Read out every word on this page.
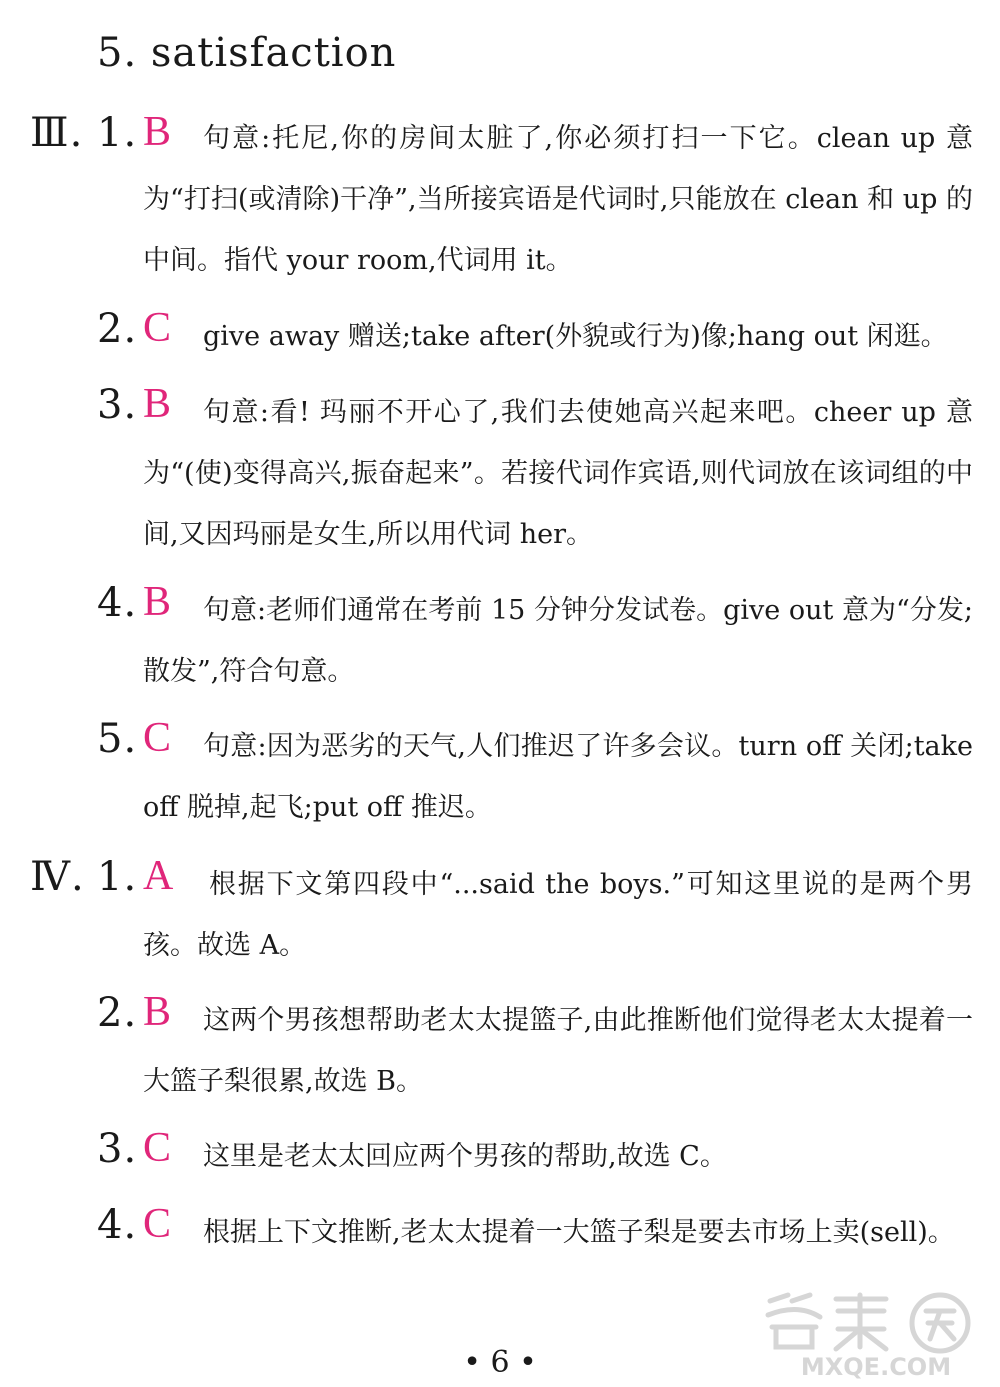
5. satisfaction
Ⅲ. 1. B	句意:托尼,你的房间太脏了,你必须打扫一下它。clean up 意为“打扫(或清除)干净”,当所接宾语是代词时,只能放在 clean 和 up 的中间。指代 your room,代词用 it。
2. C	give away 赠送;take after(外貌或行为)像;hang out 闲逛。
3. B	句意:看! 玛丽不开心了,我们去使她高兴起来吧。cheer up 意为“(使)变得高兴,振奋起来”。若接代词作宾语,则代词放在该词组的中间,又因玛丽是女生,所以用代词 her。
4. B	句意:老师们通常在考前 15 分钟分发试卷。give out 意为“分发;散发”,符合句意。
5. C	句意:因为恶劣的天气,人们推迟了许多会议。turn off 关闭;take off 脱掉,起飞;put off 推迟。
Ⅳ. 1. A	根据下文第四段中“...said the boys.”可知这里说的是两个男孩。故选 A。
2. B	这两个男孩想帮助老太太提篮子,由此推断他们觉得老太太提着一大篮子梨很累,故选 B。
3. C	这里是老太太回应两个男孩的帮助,故选 C。
4. C	根据上下文推断,老太太提着一大篮子梨是要去市场上卖(sell)。
• 6 •	MXQE.COM
